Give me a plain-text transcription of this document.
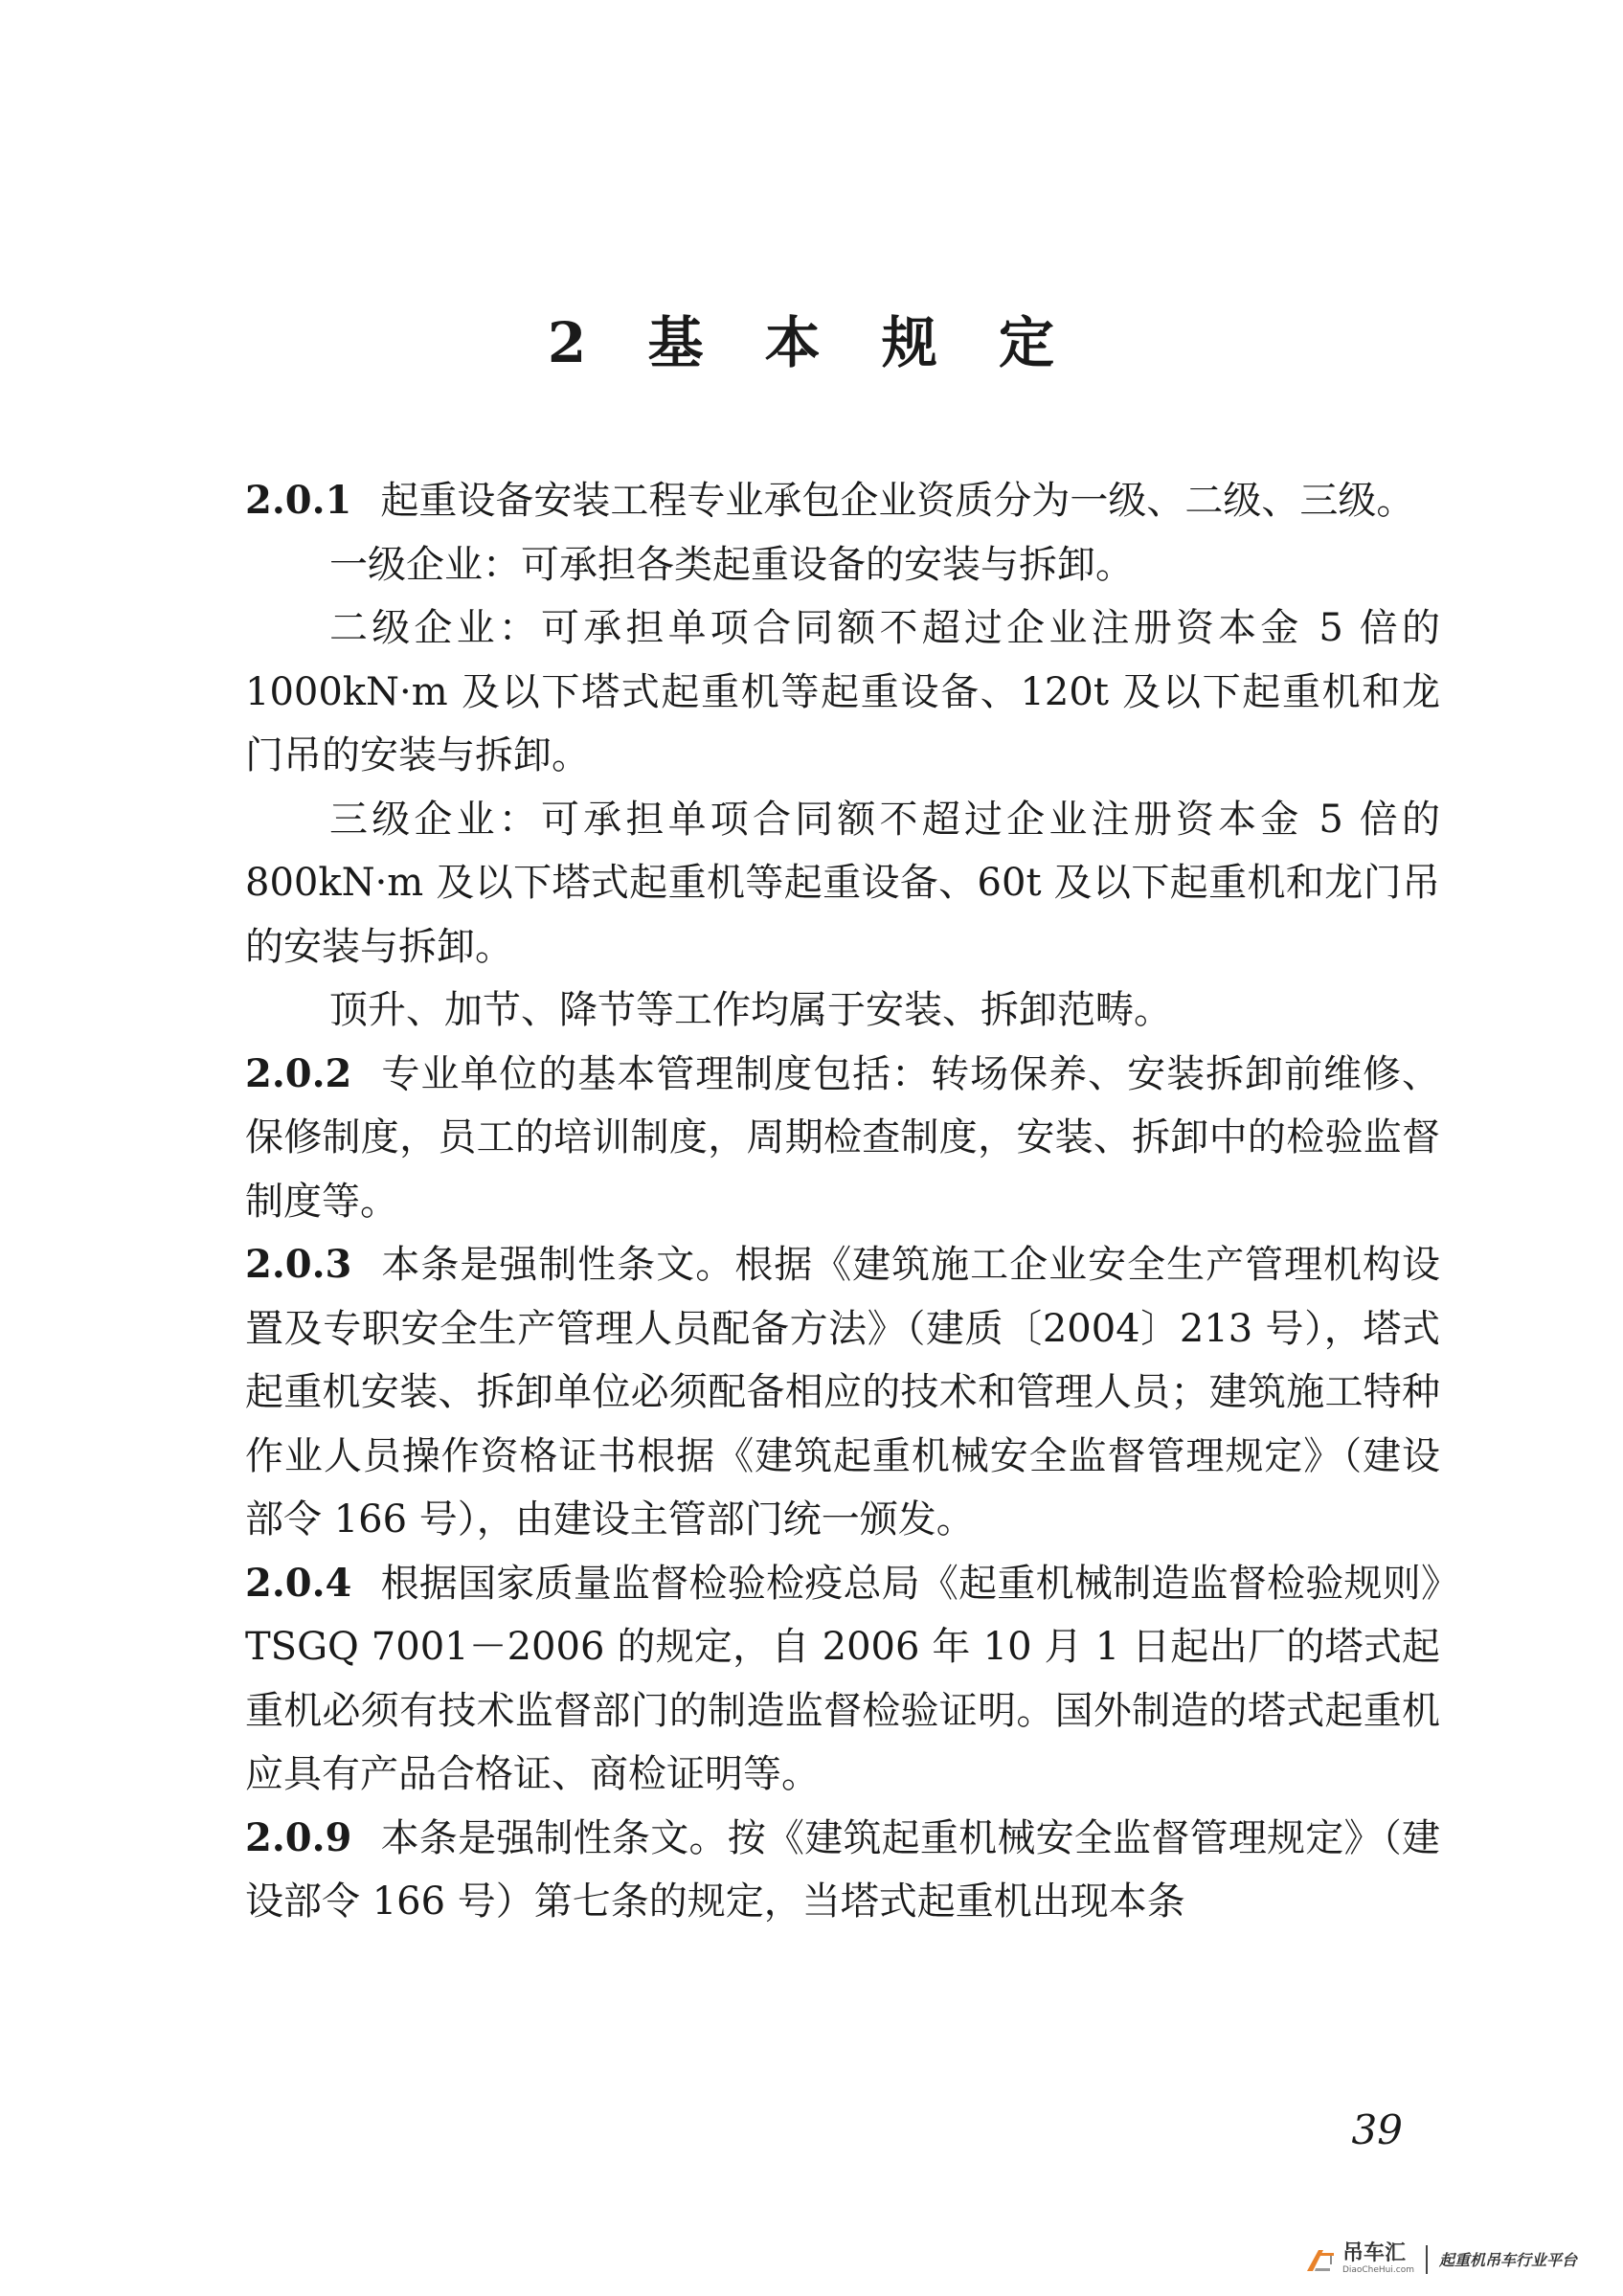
2 基 本 规 定

2.0.1 起重设备安装工程专业承包企业资质分为一级、二级、三级。

一级企业：可承担各类起重设备的安装与拆卸。

二级企业：可承担单项合同额不超过企业注册资本金 5 倍的 1000kN·m 及以下塔式起重机等起重设备、120t 及以下起重机和龙门吊的安装与拆卸。

三级企业：可承担单项合同额不超过企业注册资本金 5 倍的 800kN·m 及以下塔式起重机等起重设备、60t 及以下起重机和龙门吊的安装与拆卸。

顶升、加节、降节等工作均属于安装、拆卸范畴。

2.0.2 专业单位的基本管理制度包括：转场保养、安装拆卸前维修、保修制度，员工的培训制度，周期检查制度，安装、拆卸中的检验监督制度等。

2.0.3 本条是强制性条文。根据《建筑施工企业安全生产管理机构设置及专职安全生产管理人员配备方法》（建质〔2004〕213 号），塔式起重机安装、拆卸单位必须配备相应的技术和管理人员；建筑施工特种作业人员操作资格证书根据《建筑起重机械安全监督管理规定》（建设部令 166 号），由建设主管部门统一颁发。

2.0.4 根据国家质量监督检验检疫总局《起重机械制造监督检验规则》TSGQ 7001－2006 的规定，自 2006 年 10 月 1 日起出厂的塔式起重机必须有技术监督部门的制造监督检验证明。国外制造的塔式起重机应具有产品合格证、商检证明等。

2.0.9 本条是强制性条文。按《建筑起重机械安全监督管理规定》（建设部令 166 号）第七条的规定，当塔式起重机出现本条

39
吊车汇
DiaoCheHui.com
起重机吊车行业平台
